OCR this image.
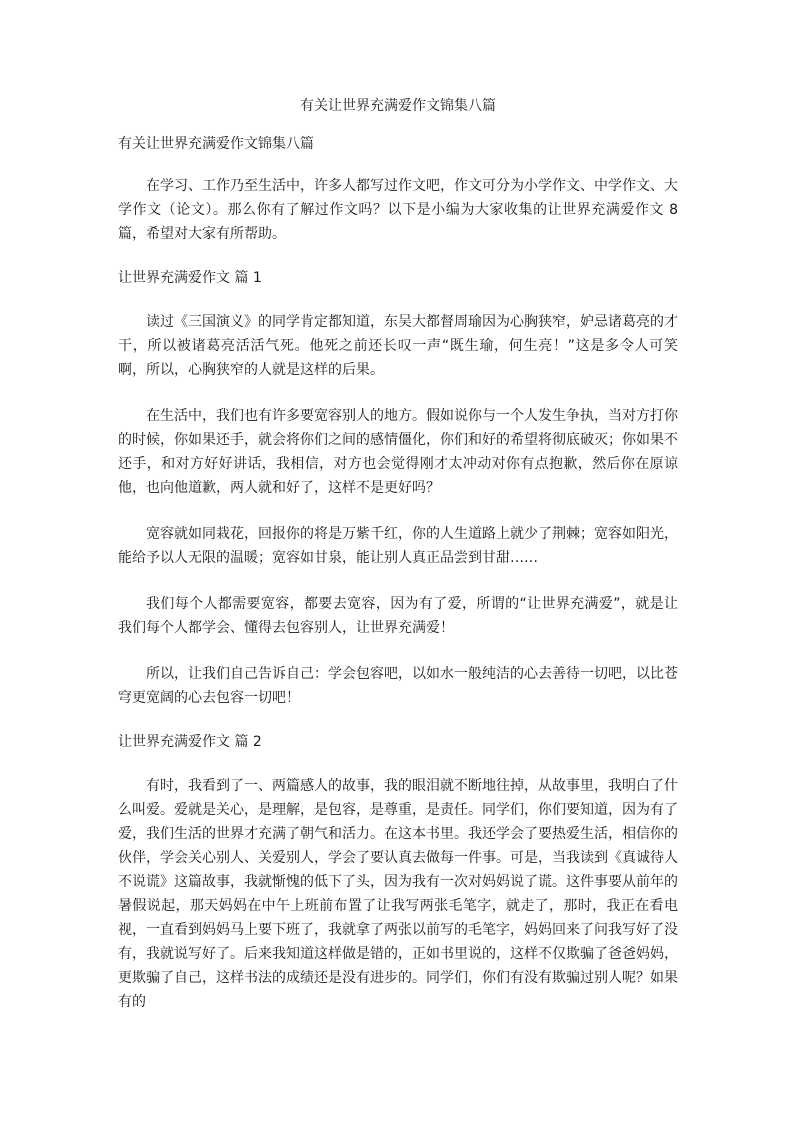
有关让世界充满爱作文锦集八篇
有关让世界充满爱作文锦集八篇

在学习、工作乃至生活中，许多人都写过作文吧，作文可分为小学作文、中学作文、大学作文（论文）。那么你有了解过作文吗？以下是小编为大家收集的让世界充满爱作文 8 篇，希望对大家有所帮助。

让世界充满爱作文 篇 1

读过《三国演义》的同学肯定都知道，东吴大都督周瑜因为心胸狭窄，妒忌诸葛亮的才干，所以被诸葛亮活活气死。他死之前还长叹一声“既生瑜，何生亮！”这是多令人可笑啊，所以，心胸狭窄的人就是这样的后果。

在生活中，我们也有许多要宽容别人的地方。假如说你与一个人发生争执，当对方打你的时候，你如果还手，就会将你们之间的感情僵化，你们和好的希望将彻底破灭；你如果不还手，和对方好好讲话，我相信，对方也会觉得刚才太冲动对你有点抱歉，然后你在原谅他，也向他道歉，两人就和好了，这样不是更好吗？

宽容就如同栽花，回报你的将是万紫千红，你的人生道路上就少了荆棘；宽容如阳光，能给予以人无限的温暖；宽容如甘泉，能让别人真正品尝到甘甜……

我们每个人都需要宽容，都要去宽容，因为有了爱，所谓的“让世界充满爱”，就是让我们每个人都学会、懂得去包容别人，让世界充满爱！

所以，让我们自己告诉自己：学会包容吧，以如水一般纯洁的心去善待一切吧，以比苍穹更宽阔的心去包容一切吧！

让世界充满爱作文 篇 2

有时，我看到了一、两篇感人的故事，我的眼泪就不断地往掉，从故事里，我明白了什么叫爱。爱就是关心，是理解，是包容，是尊重，是责任。同学们，你们要知道，因为有了爱，我们生活的世界才充满了朝气和活力。在这本书里。我还学会了要热爱生活，相信你的伙伴，学会关心别人、关爱别人，学会了要认真去做每一件事。可是，当我读到《真诚待人不说谎》这篇故事，我就惭愧的低下了头，因为我有一次对妈妈说了谎。这件事要从前年的暑假说起，那天妈妈在中午上班前布置了让我写两张毛笔字，就走了，那时，我正在看电视，一直看到妈妈马上要下班了，我就拿了两张以前写的毛笔字，妈妈回来了问我写好了没有，我就说写好了。后来我知道这样做是错的，正如书里说的，这样不仅欺骗了爸爸妈妈，更欺骗了自己，这样书法的成绩还是没有进步的。同学们，你们有没有欺骗过别人呢？如果有的
